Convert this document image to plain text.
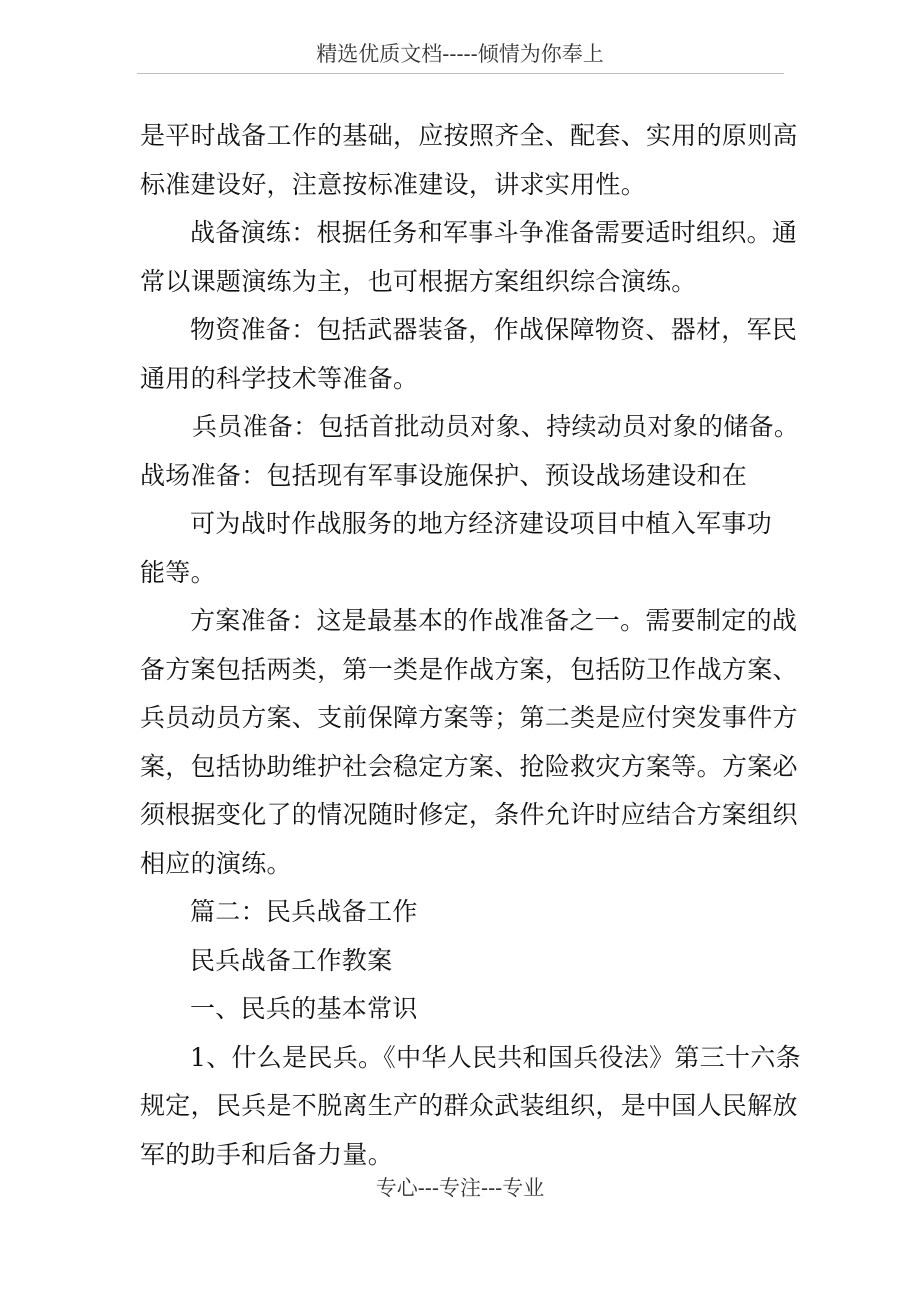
精选优质文档-----倾情为你奉上
是平时战备工作的基础，应按照齐全、配套、实用的原则高
标准建设好，注意按标准建设，讲求实用性。
战备演练：根据任务和军事斗争准备需要适时组织。通
常以课题演练为主，也可根据方案组织综合演练。
物资准备：包括武器装备，作战保障物资、器材，军民
通用的科学技术等准备。
兵员准备：包括首批动员对象、持续动员对象的储备。
战场准备：包括现有军事设施保护、预设战场建设和在
可为战时作战服务的地方经济建设项目中植入军事功
能等。
方案准备：这是最基本的作战准备之一。需要制定的战
备方案包括两类，第一类是作战方案，包括防卫作战方案、
兵员动员方案、支前保障方案等；第二类是应付突发事件方
案，包括协助维护社会稳定方案、抢险救灾方案等。方案必
须根据变化了的情况随时修定，条件允许时应结合方案组织
相应的演练。
篇二：民兵战备工作
民兵战备工作教案
一、民兵的基本常识
1、什么是民兵。《中华人民共和国兵役法》第三十六条
规定，民兵是不脱离生产的群众武装组织，是中国人民解放
军的助手和后备力量。
专心---专注---专业
